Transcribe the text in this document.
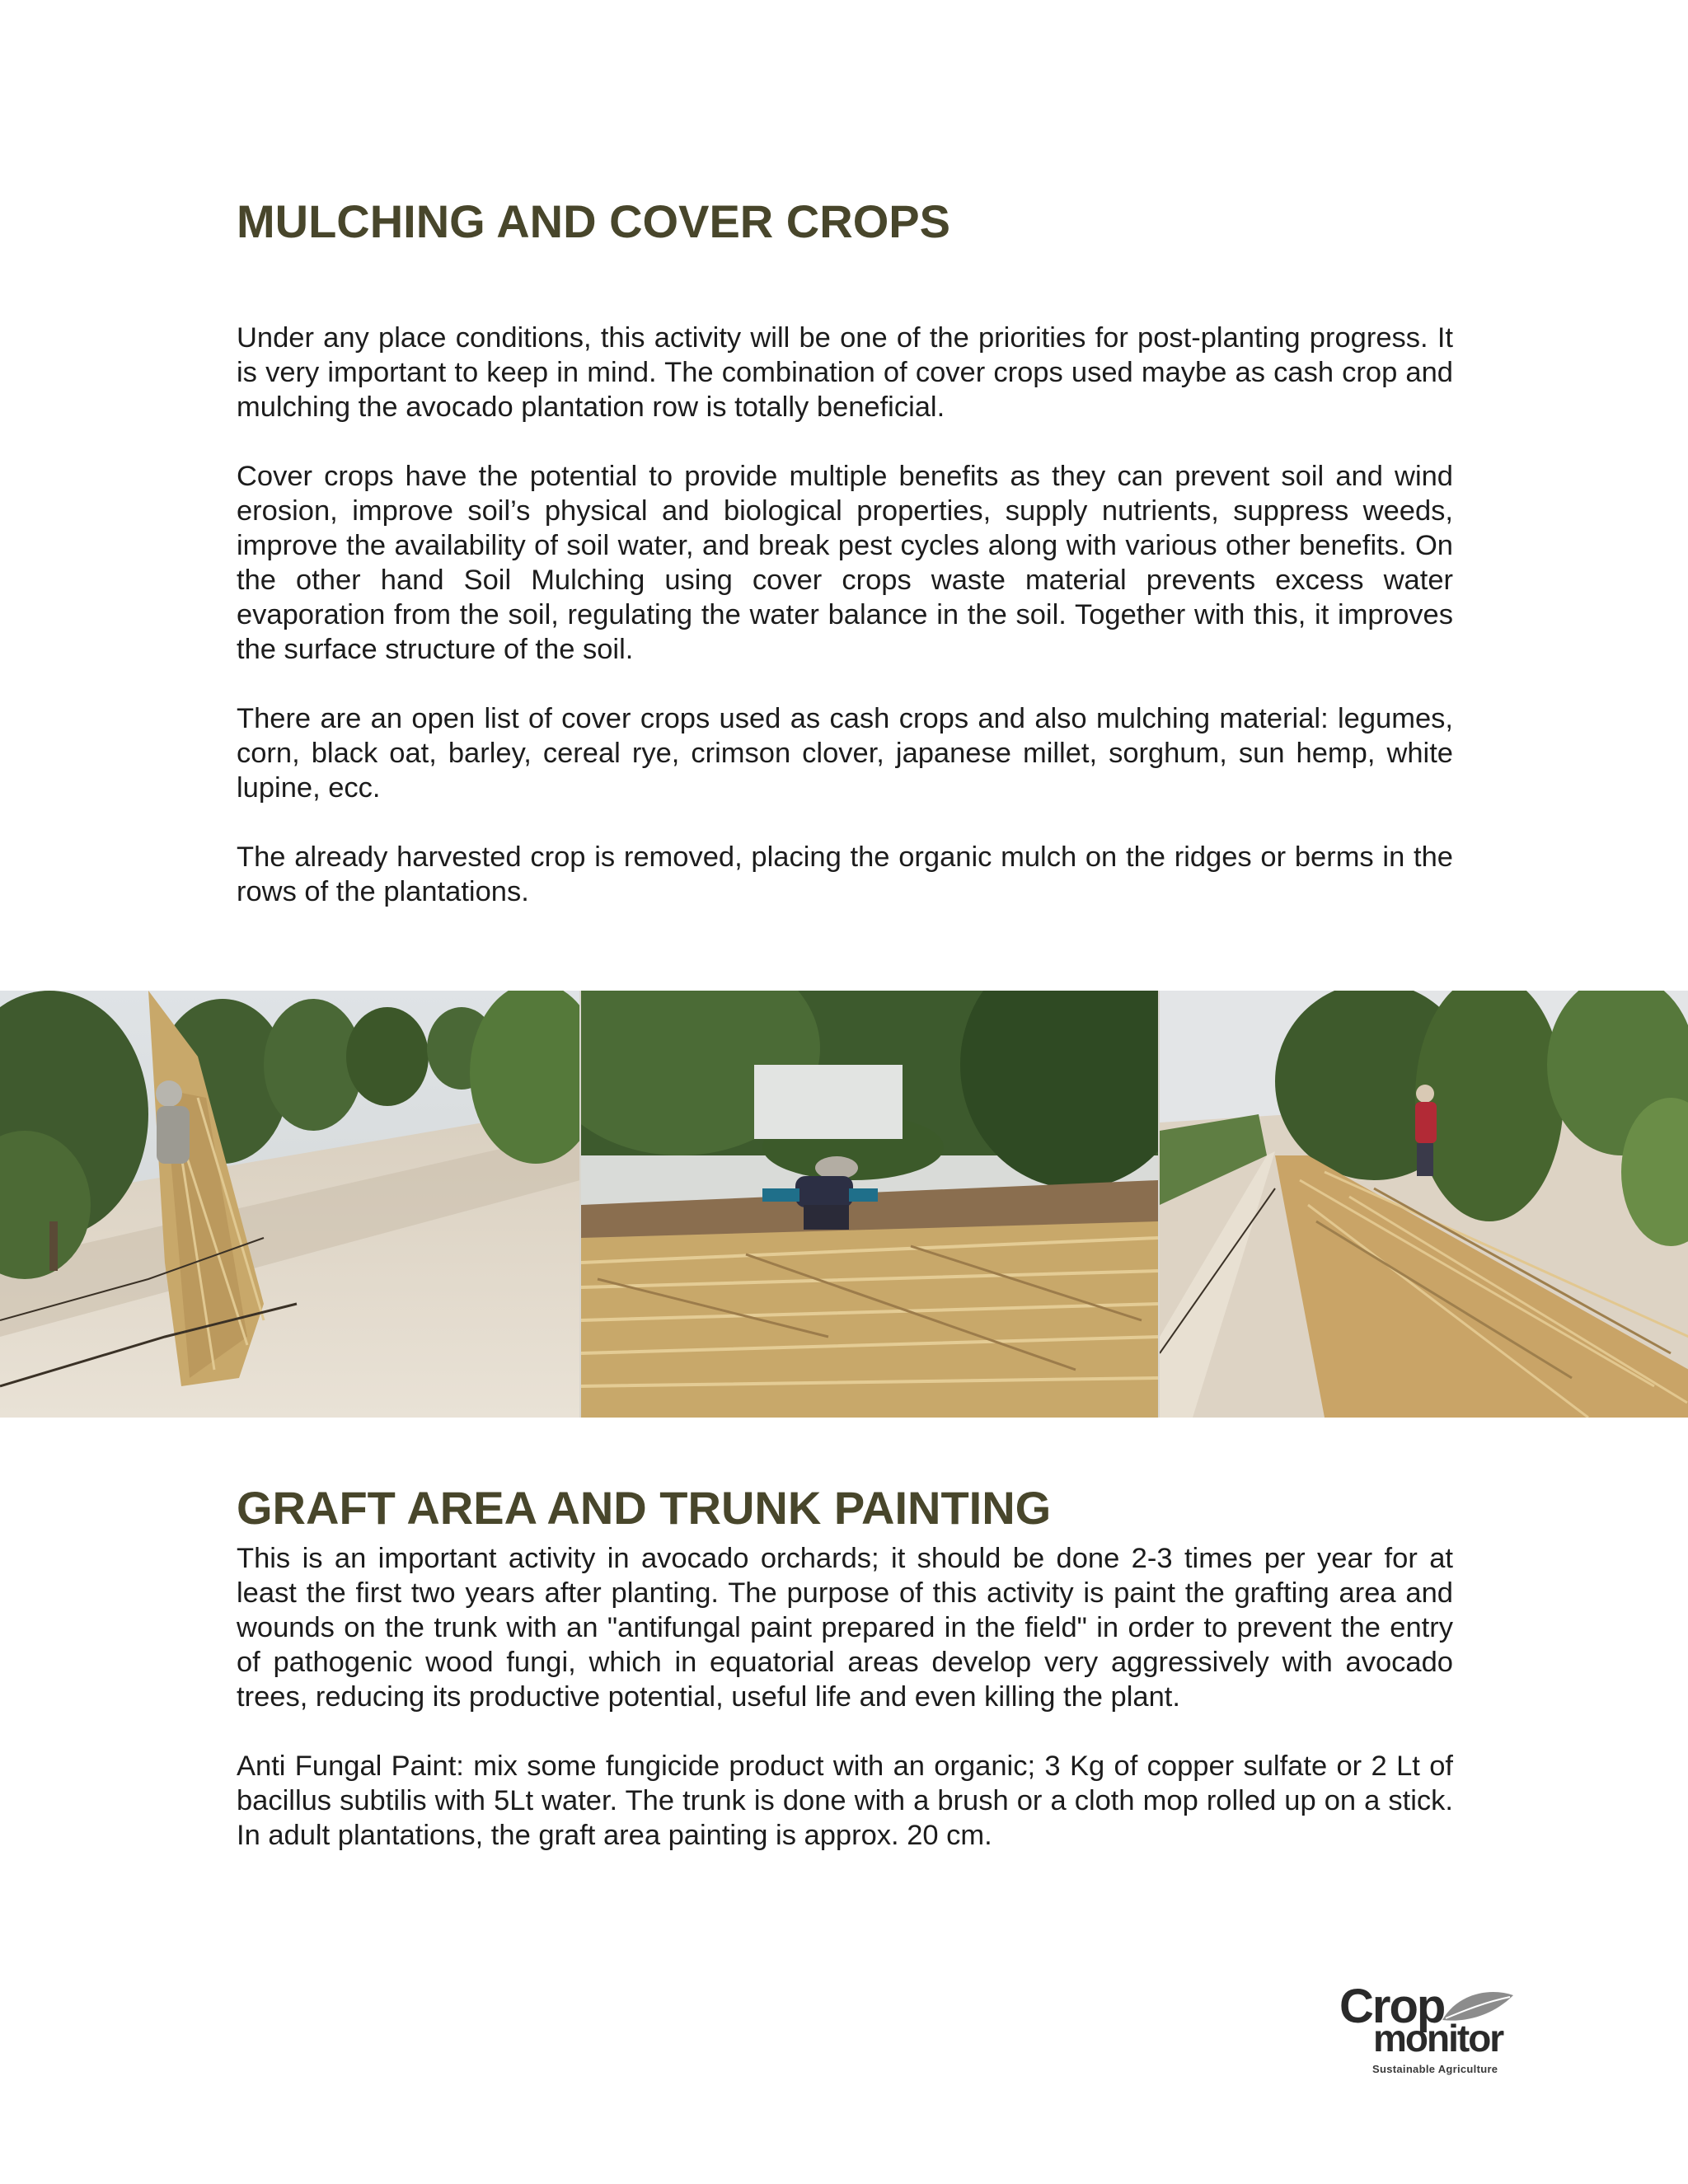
MULCHING AND COVER CROPS

Under any place conditions, this activity will be one of the priorities for post-planting progress. It is very important to keep in mind. The combination of cover crops used maybe as cash crop and mulching the avocado plantation row is totally beneficial.

Cover crops have the potential to provide multiple benefits as they can prevent soil and wind erosion, improve soil’s physical and biological properties, supply nutrients, suppress weeds, improve the availability of soil water, and break pest cycles along with various other benefits. On the other hand Soil Mulching using cover crops waste material prevents excess water evaporation from the soil, regulating the water balance in the soil. Together with this, it improves the surface structure of the soil.

There are an open list of cover crops used as cash crops and also mulching material: legumes, corn, black oat, barley, cereal rye, crimson clover, japanese millet, sorghum, sun hemp, white lupine, ecc.

The already harvested crop is removed, placing the organic mulch on the ridges or berms in the rows of the plantations.

GRAFT AREA AND TRUNK PAINTING

This is an important activity in avocado orchards; it should be done 2-3 times per year for at least the first two years after planting. The purpose of this activity is paint the grafting area and wounds on the trunk with an "antifungal paint prepared in the field" in order to prevent the entry of pathogenic wood fungi, which in equatorial areas develop very aggressively with avocado trees, reducing its productive potential, useful life and even killing the plant.

Anti Fungal Paint: mix some fungicide product with an organic; 3 Kg of copper sulfate or 2 Lt of bacillus subtilis with 5Lt water. The trunk is done with a brush or a cloth mop rolled up on a stick. In adult plantations, the graft area painting is approx. 20 cm.

Crop
monitor
Sustainable Agriculture
